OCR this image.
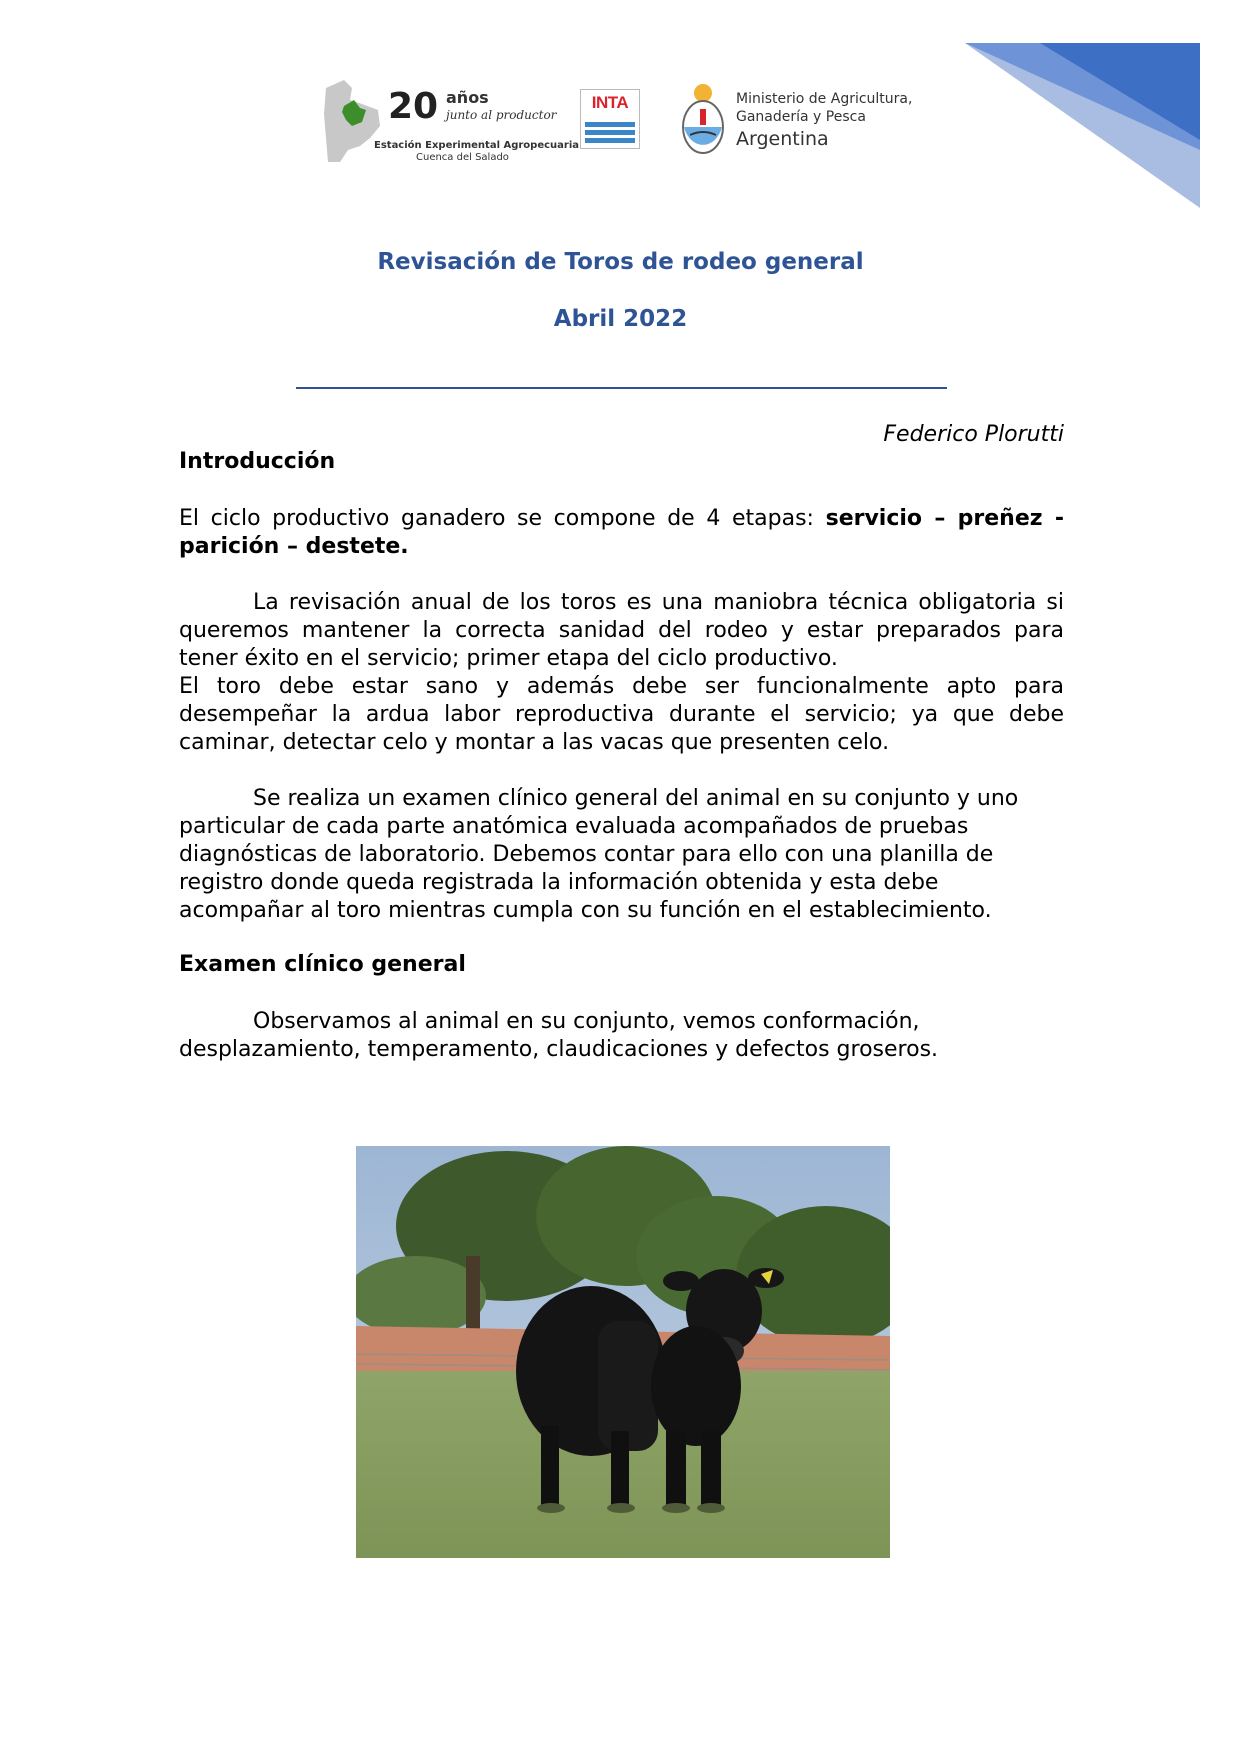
20 años
junto al productor
Estación Experimental Agropecuaria
Cuenca del Salado
INTA	Ministerio de Agricultura,
Ganadería y Pesca
Argentina
Revisación de Toros de rodeo general
Abril 2022
Federico Plorutti
Introducción
El ciclo productivo ganadero se compone de 4 etapas: servicio – preñez - parición – destete.
La revisación anual de los toros es una maniobra técnica obligatoria si queremos mantener la correcta sanidad del rodeo y estar preparados para tener éxito en el servicio; primer etapa del ciclo productivo.
El toro debe estar sano y además debe ser funcionalmente apto para desempeñar la ardua labor reproductiva durante el servicio; ya que debe caminar, detectar celo y montar a las vacas que presenten celo.
Se realiza un examen clínico general del animal en su conjunto y uno particular de cada parte anatómica evaluada acompañados de pruebas diagnósticas de laboratorio. Debemos contar para ello con una planilla de registro donde queda registrada la información obtenida y esta debe acompañar al toro mientras cumpla con su función en el establecimiento.
Examen clínico general
Observamos al animal en su conjunto, vemos conformación, desplazamiento, temperamento, claudicaciones y defectos groseros.
